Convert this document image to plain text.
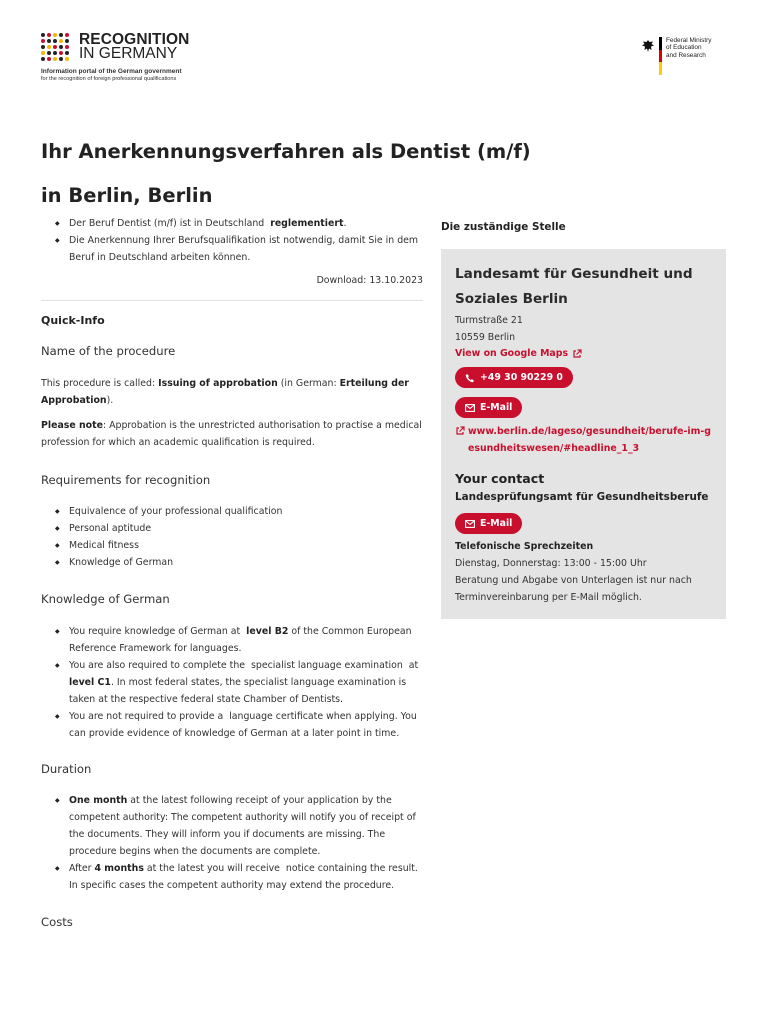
RECOGNITION
IN GERMANY
Information portal of the German government
for the recognition of foreign professional qualifications
Federal Ministry
of Education
and Research
Ihr Anerkennungsverfahren als Dentist (m/f)
in Berlin, Berlin
◆ Der Beruf Dentist (m/f) ist in Deutschland reglementiert.
◆ Die Anerkennung Ihrer Berufsqualifikation ist notwendig, damit Sie in dem Beruf in Deutschland arbeiten können.
Download: 13.10.2023
Quick-Info
Name of the procedure

This procedure is called: Issuing of approbation (in German: Erteilung der Approbation).

Please note: Approbation is the unrestricted authorisation to practise a medical profession for which an academic qualification is required.

Requirements for recognition
◆ Equivalence of your professional qualification
◆ Personal aptitude
◆ Medical fitness
◆ Knowledge of German
Knowledge of German
◆ You require knowledge of German at level B2 of the Common European Reference Framework for languages.
◆ You are also required to complete the specialist language examination at level C1. In most federal states, the specialist language examination is taken at the respective federal state Chamber of Dentists.
◆ You are not required to provide a language certificate when applying. You can provide evidence of knowledge of German at a later point in time.
Duration
◆ One month at the latest following receipt of your application by the competent authority: The competent authority will notify you of receipt of the documents. They will inform you if documents are missing. The procedure begins when the documents are complete.
◆ After 4 months at the latest you will receive notice containing the result. In specific cases the competent authority may extend the procedure.
Costs
Die zuständige Stelle
Landesamt für Gesundheit und Soziales Berlin
Turmstraße 21
10559 Berlin
View on Google Maps
+49 30 90229 0
E-Mail
www.berlin.de/lageso/gesundheit/berufe-im-gesundheitswesen/#headline_1_3
Your contact
Landesprüfungsamt für Gesundheitsberufe
E-Mail
Telefonische Sprechzeiten
Dienstag, Donnerstag: 13:00 - 15:00 Uhr
Beratung und Abgabe von Unterlagen ist nur nach Terminvereinbarung per E-Mail möglich.
